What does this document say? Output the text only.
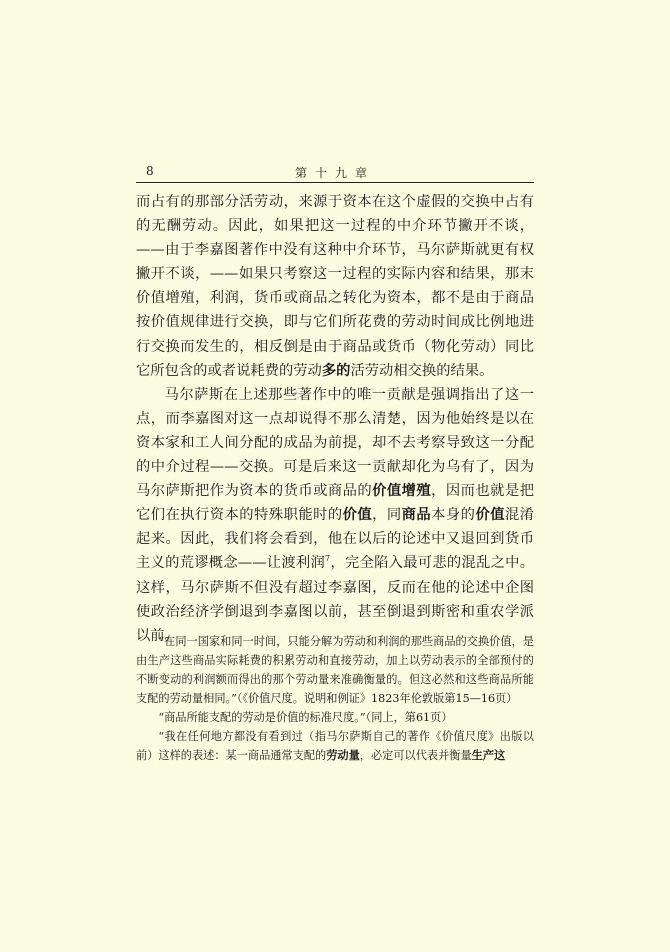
8	第十九章

而占有的那部分活劳动，来源于资本在这个虚假的交换中占有的无酬劳动。因此，如果把这一过程的中介环节撇开不谈，——由于李嘉图著作中没有这种中介环节，马尔萨斯就更有权撇开不谈，——如果只考察这一过程的实际内容和结果，那末价值增殖，利润，货币或商品之转化为资本，都不是由于商品按价值规律进行交换，即与它们所花费的劳动时间成比例地进行交换而发生的，相反倒是由于商品或货币（物化劳动）同比它所包含的或者说耗费的劳动多的活劳动相交换的结果。

马尔萨斯在上述那些著作中的唯一贡献是强调指出了这一点，而李嘉图对这一点却说得不那么清楚，因为他始终是以在资本家和工人间分配的成品为前提，却不去考察导致这一分配的中介过程——交换。可是后来这一贡献却化为乌有了，因为马尔萨斯把作为资本的货币或商品的价值增殖，因而也就是把它们在执行资本的特殊职能时的价值，同商品本身的价值混淆起来。因此，我们将会看到，他在以后的论述中又退回到货币主义的荒谬概念——让渡利润$^7$，完全陷入最可悲的混乱之中。这样，马尔萨斯不但没有超过李嘉图，反而在他的论述中企图使政治经济学倒退到李嘉图以前，甚至倒退到斯密和重农学派以前。

“在同一国家和同一时间，只能分解为劳动和利润的那些商品的交换价值，是由生产这些商品实际耗费的积累劳动和直接劳动，加上以劳动表示的全部预付的不断变动的利润额而得出的那个劳动量来准确衡量的。但这必然和这些商品所能支配的劳动量相同。”（《价值尺度。说明和例证》1823年伦敦版第15—16页）

“商品所能支配的劳动是价值的标准尺度。”（同上，第61页）

“我在任何地方都没有看到过（指马尔萨斯自己的著作《价值尺度》出版以前）这样的表述：某一商品通常支配的劳动量，必定可以代表并衡量生产这
